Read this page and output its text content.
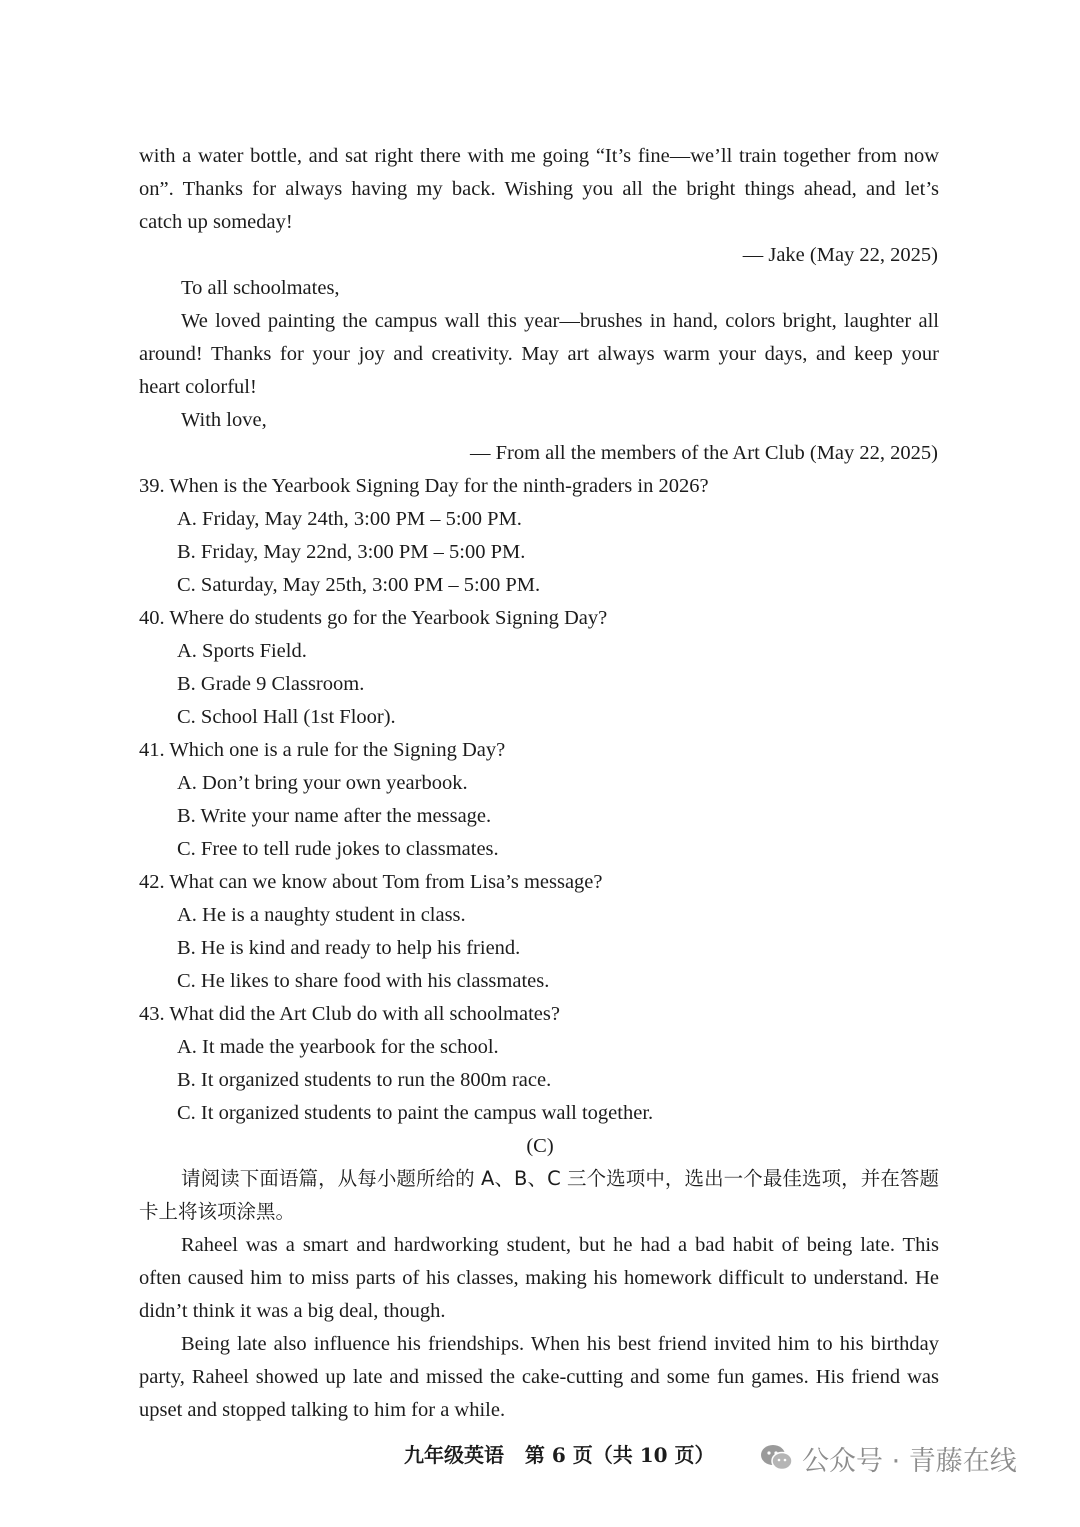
with a water bottle, and sat right there with me going “It’s fine—we’ll train together from now
on”. Thanks for always having my back. Wishing you all the bright things ahead, and let’s
catch up someday!
— Jake (May 22, 2025)
To all schoolmates,
We loved painting the campus wall this year—brushes in hand, colors bright, laughter all
around! Thanks for your joy and creativity. May art always warm your days, and keep your
heart colorful!
With love,
— From all the members of the Art Club (May 22, 2025)
39. When is the Yearbook Signing Day for the ninth-graders in 2026?
A. Friday, May 24th, 3:00 PM – 5:00 PM.
B. Friday, May 22nd, 3:00 PM – 5:00 PM.
C. Saturday, May 25th, 3:00 PM – 5:00 PM.
40. Where do students go for the Yearbook Signing Day?
A. Sports Field.
B. Grade 9 Classroom.
C. School Hall (1st Floor).
41. Which one is a rule for the Signing Day?
A. Don’t bring your own yearbook.
B. Write your name after the message.
C. Free to tell rude jokes to classmates.
42. What can we know about Tom from Lisa’s message?
A. He is a naughty student in class.
B. He is kind and ready to help his friend.
C. He likes to share food with his classmates.
43. What did the Art Club do with all schoolmates?
A. It made the yearbook for the school.
B. It organized students to run the 800m race.
C. It organized students to paint the campus wall together.
(C)
请阅读下面语篇，从每小题所给的 A、B、C 三个选项中，选出一个最佳选项，并在答题
卡上将该项涂黑。
Raheel was a smart and hardworking student, but he had a bad habit of being late. This
often caused him to miss parts of his classes, making his homework difficult to understand. He
didn’t think it was a big deal, though.
Being late also influence his friendships. When his best friend invited him to his birthday
party, Raheel showed up late and missed the cake-cutting and some fun games. His friend was
upset and stopped talking to him for a while.
九年级英语   第 6 页（共 10 页）	公众号 · 青藤在线
